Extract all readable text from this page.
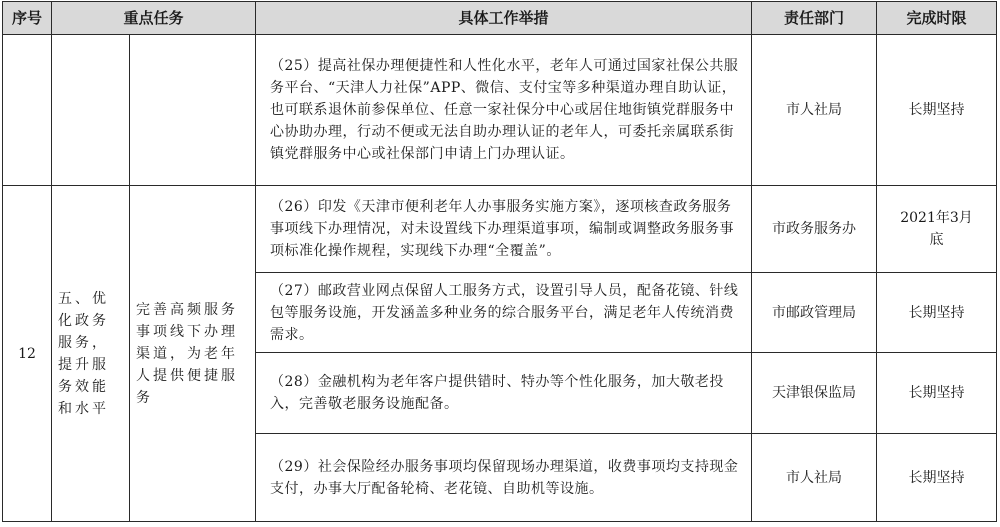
序号	重点任务		具体工作举措	责任部门	完成时限
			（25）提高社保办理便捷性和人性化水平，老年人可通过国家社保公共服务平台、“天津人力社保”APP、微信、支付宝等多种渠道办理自助认证，也可联系退休前参保单位、任意一家社保分中心或居住地街镇党群服务中心协助办理，行动不便或无法自助办理认证的老年人，可委托亲属联系街镇党群服务中心或社保部门申请上门办理认证。	市人社局	长期坚持
12	五、优化政务服务，提升服务效能和水平	完善高频服务事项线下办理渠道，为老年人提供便捷服务	（26）印发《天津市便利老年人办事服务实施方案》，逐项核查政务服务事项线下办理情况，对未设置线下办理渠道事项，编制或调整政务服务事项标准化操作规程，实现线下办理“全覆盖”。	市政务服务办	2021年3月底
			（27）邮政营业网点保留人工服务方式，设置引导人员，配备花镜、针线包等服务设施，开发涵盖多种业务的综合服务平台，满足老年人传统消费需求。	市邮政管理局	长期坚持
			（28）金融机构为老年客户提供错时、特办等个性化服务，加大敬老投入，完善敬老服务设施配备。	天津银保监局	长期坚持
			（29）社会保险经办服务事项均保留现场办理渠道，收费事项均支持现金支付，办事大厅配备轮椅、老花镜、自助机等设施。	市人社局	长期坚持
